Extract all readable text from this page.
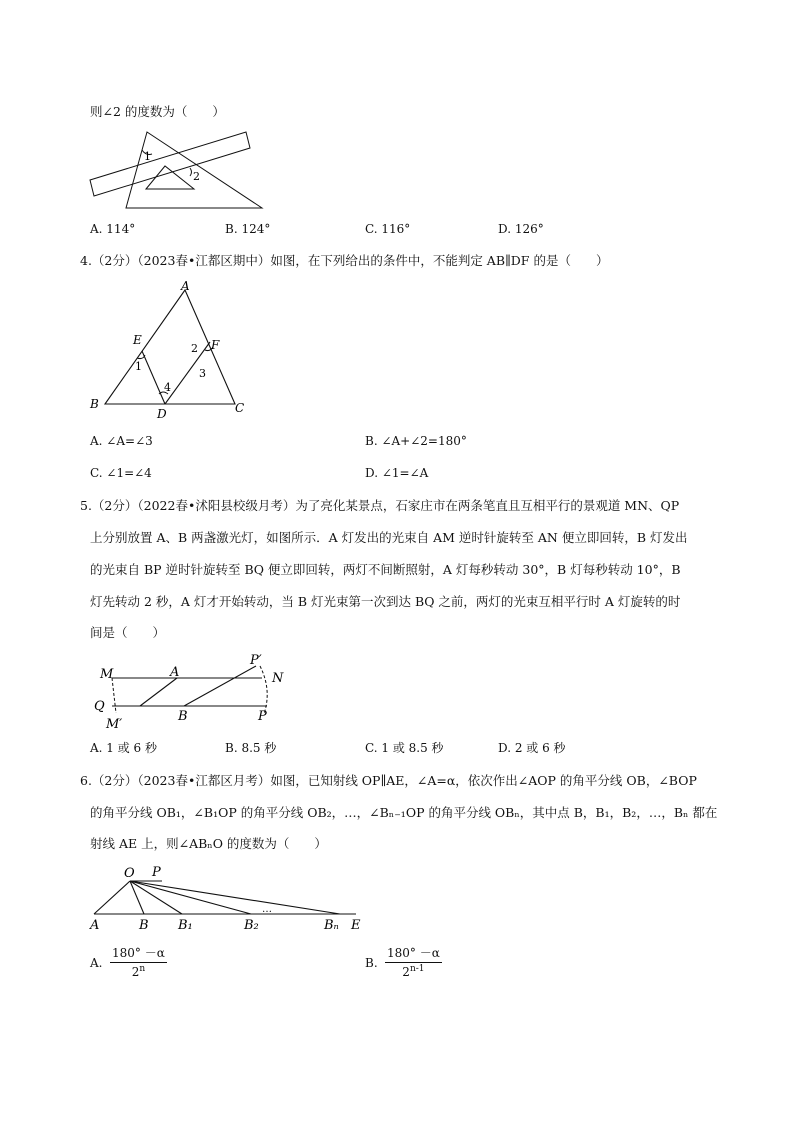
则∠2 的度数为（　　）
1
2
A. 114°	B. 124°	C. 116°	D. 126°
4.（2分）（2023春•江都区期中）如图，在下列给出的条件中，不能判定 AB∥DF 的是（　　）
A
E	F
B
D	C
1
2
3
4
A. ∠A=∠3	B. ∠A+∠2=180°
C. ∠1=∠4	D. ∠1=∠A
5.（2分）（2022春•沭阳县校级月考）为了亮化某景点，石家庄市在两条笔直且互相平行的景观道 MN、QP
上分别放置 A、B 两盏激光灯，如图所示．A 灯发出的光束自 AM 逆时针旋转至 AN 便立即回转，B 灯发出
的光束自 BP 逆时针旋转至 BQ 便立即回转，两灯不间断照射，A 灯每秒转动 30°，B 灯每秒转动 10°，B
灯先转动 2 秒，A 灯才开始转动，当 B 灯光束第一次到达 BQ 之前，两灯的光束互相平行时 A 灯旋转的时
间是（　　）
M	A
P′
N
Q
M′
B	P
A. 1 或 6 秒	B. 8.5 秒	C. 1 或 8.5 秒	D. 2 或 6 秒
6.（2分）（2023春•江都区月考）如图，已知射线 OP∥AE，∠A=α，依次作出∠AOP 的角平分线 OB，∠BOP
的角平分线 OB₁，∠B₁OP 的角平分线 OB₂，…，∠Bₙ₋₁OP 的角平分线 OBₙ，其中点 B，B₁，B₂，…，Bₙ 都在
射线 AE 上，则∠ABₙO 的度数为（　　）
O P
A	B B₁	B₂	Bₙ E
…
A. $\frac{180^\circ -\alpha}{2^n}$	B. $\frac{180^\circ -\alpha}{2^{n-1}}$
